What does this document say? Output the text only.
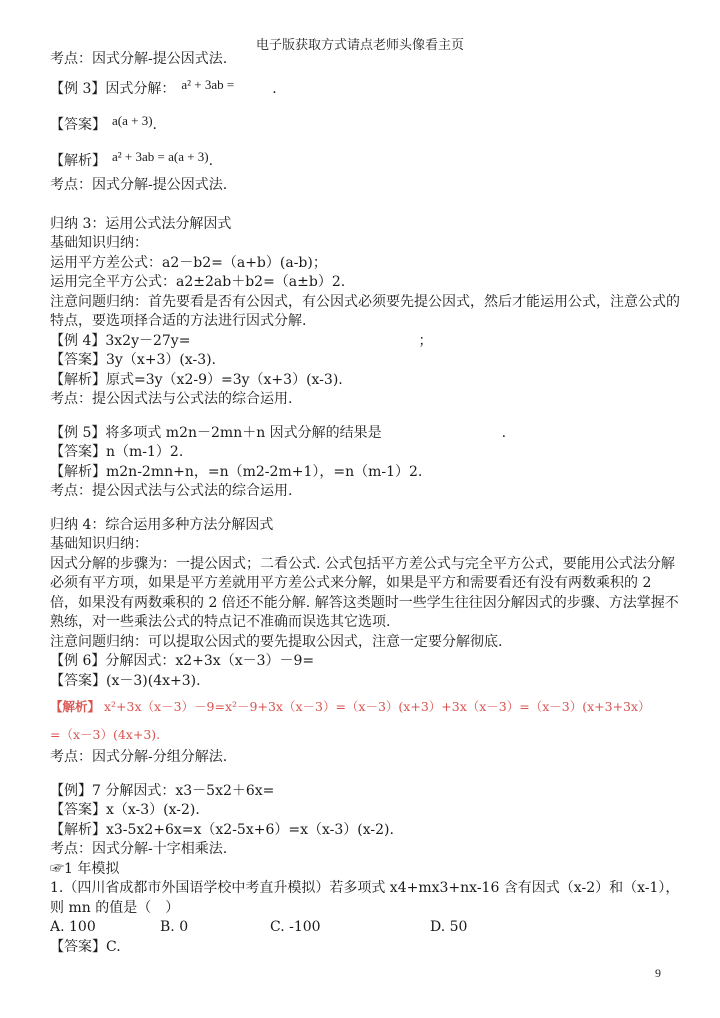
电子版获取方式请点老师头像看主页
考点：因式分解-提公因式法.
【例 3】因式分解： a² + 3ab =	.
【答案】 a(a + 3).
【解析】 a² + 3ab = a(a + 3).
考点：因式分解-提公因式法.
归纳 3：运用公式法分解因式
基础知识归纳：
运用平方差公式：a2－b2=（a+b）(a-b)；
运用完全平方公式：a2±2ab＋b2=（a±b）2.
注意问题归纳：首先要看是否有公因式，有公因式必须要先提公因式，然后才能运用公式，注意公式的特点，要选项择合适的方法进行因式分解.
【例 4】3x2y－27y=	；
【答案】3y（x+3）(x-3).
【解析】原式=3y（x2-9）=3y（x+3）(x-3).
考点：提公因式法与公式法的综合运用.
【例 5】将多项式 m2n－2mn＋n 因式分解的结果是	.
【答案】n（m-1）2.
【解析】m2n-2mn+n，=n（m2-2m+1），=n（m-1）2.
考点：提公因式法与公式法的综合运用.
归纳 4：综合运用多种方法分解因式
基础知识归纳：
因式分解的步骤为：一提公因式；二看公式. 公式包括平方差公式与完全平方公式，要能用公式法分解必须有平方项，如果是平方差就用平方差公式来分解，如果是平方和需要看还有没有两数乘积的 2 倍，如果没有两数乘积的 2 倍还不能分解. 解答这类题时一些学生往往因分解因式的步骤、方法掌握不熟练，对一些乘法公式的特点记不准确而误选其它选项.
注意问题归纳：可以提取公因式的要先提取公因式，注意一定要分解彻底.
【例 6】分解因式：x2+3x（x－3）－9=
【答案】(x－3)(4x+3).
【解析】 x²+3x（x－3）－9=x²－9+3x（x－3）=（x－3）(x+3）+3x（x－3）=（x－3）(x+3+3x）
=（x－3）(4x+3).
考点：因式分解-分组分解法.
【例】7 分解因式：x3－5x2＋6x=
【答案】x（x-3）(x-2).
【解析】x3-5x2+6x=x（x2-5x+6）=x（x-3）(x-2).
考点：因式分解-十字相乘法.
☞1 年模拟
1.（四川省成都市外国语学校中考直升模拟）若多项式 x4+mx3+nx-16 含有因式（x-2）和（x-1），则 mn 的值是（　）
A. 100	B. 0	C. -100	D. 50
【答案】C.
9
